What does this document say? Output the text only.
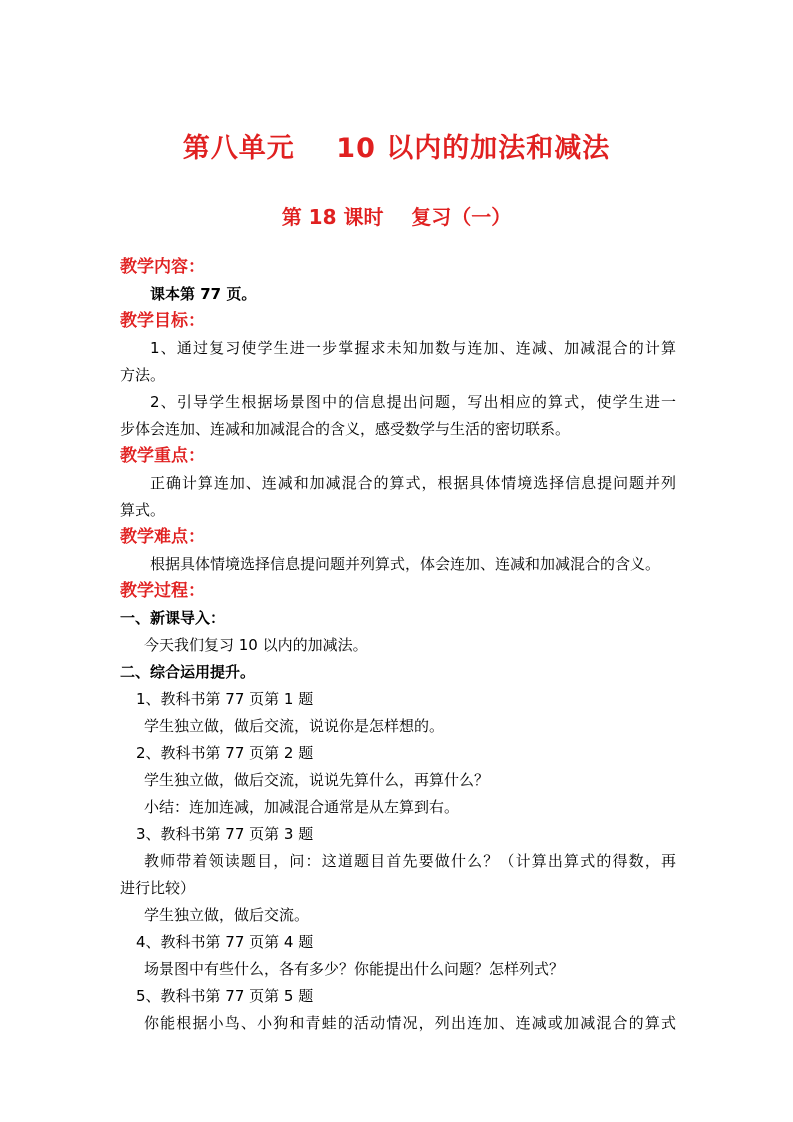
第八单元    10 以内的加法和减法
第 18 课时    复习（一）
教学内容：
课本第 77 页。
教学目标：
1、通过复习使学生进一步掌握求未知加数与连加、连减、加减混合的计算
方法。
2、引导学生根据场景图中的信息提出问题，写出相应的算式，使学生进一
步体会连加、连减和加减混合的含义，感受数学与生活的密切联系。
教学重点：
正确计算连加、连减和加减混合的算式，根据具体情境选择信息提问题并列
算式。
教学难点：
根据具体情境选择信息提问题并列算式，体会连加、连减和加减混合的含义。
教学过程：
一、新课导入：
今天我们复习 10 以内的加减法。
二、综合运用提升。
1、教科书第 77 页第 1 题
学生独立做，做后交流，说说你是怎样想的。
2、教科书第 77 页第 2 题
学生独立做，做后交流，说说先算什么，再算什么？
小结：连加连减，加减混合通常是从左算到右。
3、教科书第 77 页第 3 题
教师带着领读题目，问：这道题目首先要做什么？（计算出算式的得数，再
进行比较）
学生独立做，做后交流。
4、教科书第 77 页第 4 题
场景图中有些什么，各有多少？你能提出什么问题？怎样列式？
5、教科书第 77 页第 5 题
你能根据小鸟、小狗和青蛙的活动情况，列出连加、连减或加减混合的算式
